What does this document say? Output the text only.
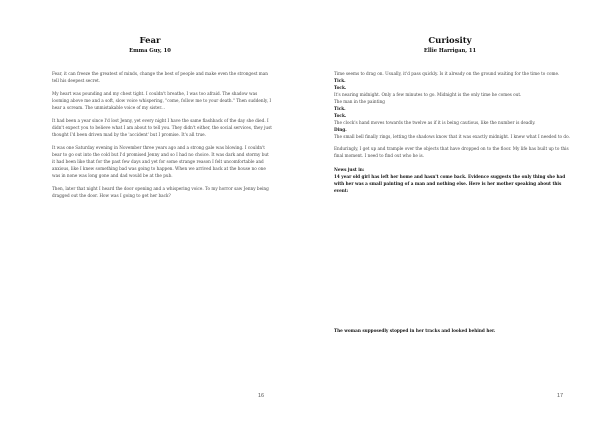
Fear
Emma Guy, 10

Fear, it can freeze the greatest of minds, change the best of people and make even the strongest man tell his deepest secret.

My heart was pounding and my chest tight. I couldn't breathe, I was too afraid. The shadow was looming above me and a soft, slow voice whispering, "come, follow me to your death." Then suddenly, I hear a scream. The unmistakable voice of my sister...

It had been a year since I'd lost Jenny, yet every night I have the same flashback of the day she died. I didn't expect you to believe what I am about to tell you. They didn't either, the social services, they just thought I'd been driven mad by the 'accident' but I promise. It's all true.

It was one Saturday evening in November three years ago and a strong gale was blowing. I couldn't bear to go out into the cold but I'd promised Jenny and so I had no choice. It was dark and stormy but it had been like that for the past few days and yet for some strange reason I felt uncomfortable and anxious, like I knew something bad was going to happen. When we arrived back at the house no one was in none was long gone and dad would be at the pub.

Then, later that night I heard the door opening and a whispering voice. To my horror saw Jenny being dragged out the door. How was I going to get her back?

16
Curiosity
Ellie Harrigan, 11

Time seems to drag on. Usually, it'd pass quickly. Is it already on the ground waiting for the time to come.

Tick.

Tock.

It's nearing midnight. Only a few minutes to go. Midnight is the only time he comes out.

The man in the painting

Tick.

Tock.

The clock's hand moves towards the twelve as if it is being cautious, like the number is deadly.

Ding.

The small bell finally rings, letting the shadows know that it was exactly midnight. I knew what I needed to do.

Enduringly, I get up and trample over the objects that have dropped on to the floor. My life has built up to this final moment. I need to find out who he is.

News just in:

14 year old girl has left her home and hasn't come back. Evidence suggests the only thing she had with her was a small painting of a man and nothing else. Here is her mother speaking about this event:

The woman supposedly stopped in her tracks and looked behind her.
17
